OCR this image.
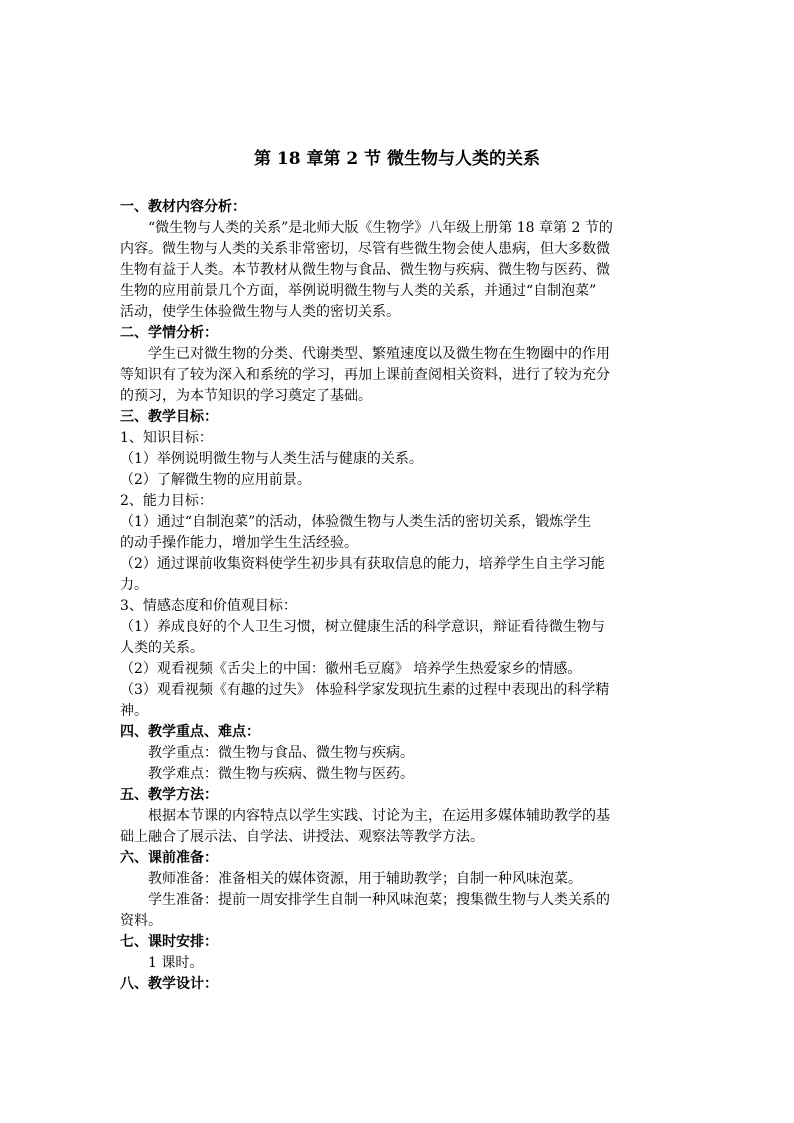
第 18 章第 2 节 微生物与人类的关系

一、教材内容分析：

“微生物与人类的关系”是北师大版《生物学》八年级上册第 18 章第 2 节的

内容。微生物与人类的关系非常密切，尽管有些微生物会使人患病，但大多数微

生物有益于人类。本节教材从微生物与食品、微生物与疾病、微生物与医药、微

生物的应用前景几个方面，举例说明微生物与人类的关系，并通过“自制泡菜”

活动，使学生体验微生物与人类的密切关系。

二、学情分析：

学生已对微生物的分类、代谢类型、繁殖速度以及微生物在生物圈中的作用

等知识有了较为深入和系统的学习，再加上课前查阅相关资料，进行了较为充分

的预习，为本节知识的学习奠定了基础。

三、教学目标：

1、知识目标：

（1）举例说明微生物与人类生活与健康的关系。

（2）了解微生物的应用前景。

2、能力目标：

（1）通过“自制泡菜”的活动，体验微生物与人类生活的密切关系，锻炼学生

的动手操作能力，增加学生生活经验。

（2）通过课前收集资料使学生初步具有获取信息的能力，培养学生自主学习能

力。

3、情感态度和价值观目标：

（1）养成良好的个人卫生习惯，树立健康生活的科学意识，辩证看待微生物与

人类的关系。

（2）观看视频《舌尖上的中国：徽州毛豆腐》 培养学生热爱家乡的情感。

（3）观看视频《有趣的过失》 体验科学家发现抗生素的过程中表现出的科学精

神。

四、教学重点、难点：

教学重点：微生物与食品、微生物与疾病。

教学难点：微生物与疾病、微生物与医药。

五、教学方法：

根据本节课的内容特点以学生实践、讨论为主，在运用多媒体辅助教学的基

础上融合了展示法、自学法、讲授法、观察法等教学方法。

六、课前准备：

教师准备：准备相关的媒体资源，用于辅助教学；自制一种风味泡菜。

学生准备：提前一周安排学生自制一种风味泡菜；搜集微生物与人类关系的

资料。

七、课时安排：

1 课时。

八、教学设计：
